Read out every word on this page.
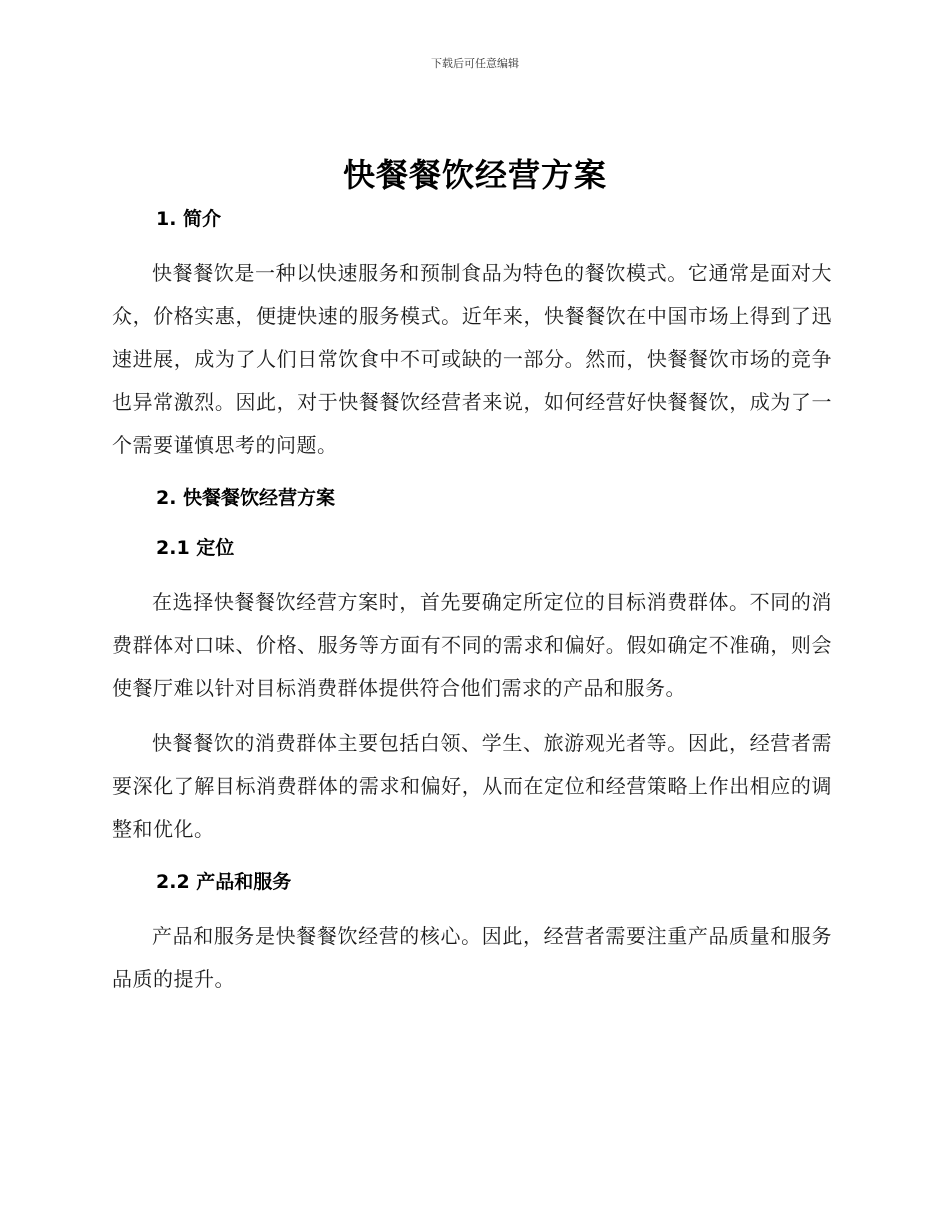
下载后可任意编辑
快餐餐饮经营方案
1. 简介

快餐餐饮是一种以快速服务和预制食品为特色的餐饮模式。它通常是面对大众，价格实惠，便捷快速的服务模式。近年来，快餐餐饮在中国市场上得到了迅速进展，成为了人们日常饮食中不可或缺的一部分。然而，快餐餐饮市场的竞争也异常激烈。因此，对于快餐餐饮经营者来说，如何经营好快餐餐饮，成为了一个需要谨慎思考的问题。

2. 快餐餐饮经营方案
2.1 定位

在选择快餐餐饮经营方案时，首先要确定所定位的目标消费群体。不同的消费群体对口味、价格、服务等方面有不同的需求和偏好。假如确定不准确，则会使餐厅难以针对目标消费群体提供符合他们需求的产品和服务。

快餐餐饮的消费群体主要包括白领、学生、旅游观光者等。因此，经营者需要深化了解目标消费群体的需求和偏好，从而在定位和经营策略上作出相应的调整和优化。

2.2 产品和服务

产品和服务是快餐餐饮经营的核心。因此，经营者需要注重产品质量和服务品质的提升。
